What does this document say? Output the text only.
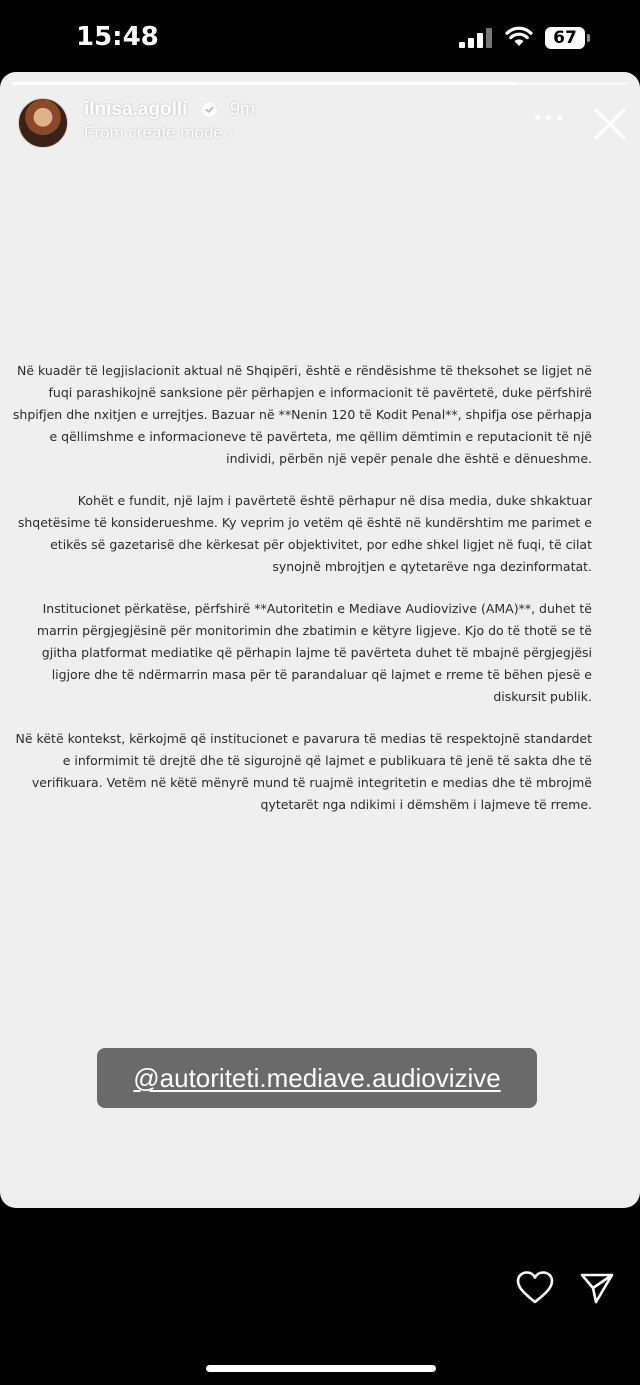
15:48	67
ilnisa.agolli 9m
From create mode ›

Në kuadër të legjislacionit aktual në Shqipëri, është e rëndësishme të theksohet se ligjet në fuqi parashikojnë sanksione për përhapjen e informacionit të pavërtetë, duke përfshirë shpifjen dhe nxitjen e urrejtjes. Bazuar në **Nenin 120 të Kodit Penal**, shpifja ose përhapja e qëllimshme e informacioneve të pavërteta, me qëllim dëmtimin e reputacionit të një individi, përbën një vepër penale dhe është e dënueshme.

Kohët e fundit, një lajm i pavërtetë është përhapur në disa media, duke shkaktuar shqetësime të konsiderueshme. Ky veprim jo vetëm që është në kundërshtim me parimet e etikës së gazetarisë dhe kërkesat për objektivitet, por edhe shkel ligjet në fuqi, të cilat synojnë mbrojtjen e qytetarëve nga dezinformatat.

Institucionet përkatëse, përfshirë **Autoritetin e Mediave Audiovizive (AMA)**, duhet të marrin përgjegjësinë për monitorimin dhe zbatimin e këtyre ligjeve. Kjo do të thotë se të gjitha platformat mediatike që përhapin lajme të pavërteta duhet të mbajnë përgjegjësi ligjore dhe të ndërmarrin masa për të parandaluar që lajmet e rreme të bëhen pjesë e diskursit publik.

Në këtë kontekst, kërkojmë që institucionet e pavarura të medias të respektojnë standardet e informimit të drejtë dhe të sigurojnë që lajmet e publikuara të jenë të sakta dhe të verifikuara. Vetëm në këtë mënyrë mund të ruajmë integritetin e medias dhe të mbrojmë qytetarët nga ndikimi i dëmshëm i lajmeve të rreme.

@autoriteti.mediave.audiovizive
